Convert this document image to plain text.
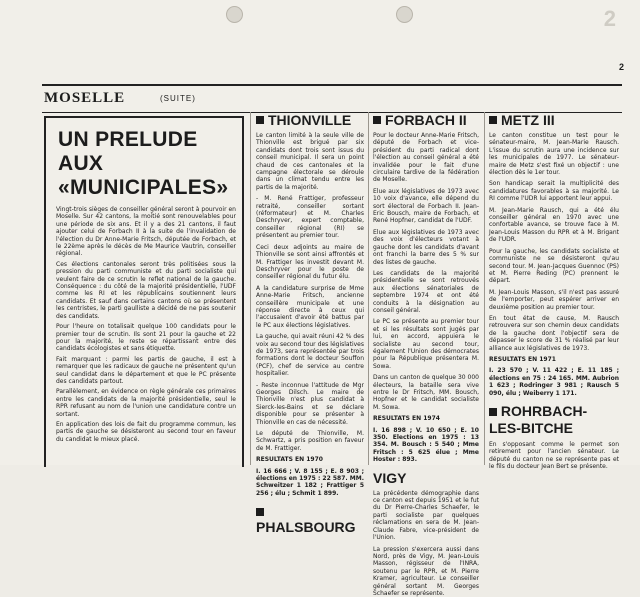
2
2
MOSELLE	(SUITE)
UN PRELUDE
AUX
«MUNICIPALES»

Vingt-trois sièges de conseiller général seront à pourvoir en Moselle. Sur 42 cantons, la moitié sont renouvelables pour une période de six ans. Et il y a des 21 cantons, il faut ajouter celui de Forbach II à la suite de l'invalidation de l'élection du Dr Anne-Marie Fritsch, députée de Forbach, et le 22ème après le décès de Me Maurice Vautrin, conseiller régional.

Ces élections cantonales seront très politisées sous la pression du parti communiste et du parti socialiste qui veulent faire de ce scrutin le reflet national de la gauche. Conséquence : du côté de la majorité présidentielle, l'UDF comme les RI et les républicains soutiennent leurs candidats. Et sauf dans certains cantons où se présentent les centristes, le parti gaulliste a décidé de ne pas soutenir des candidats.

Pour l'heure on totalisait quelque 100 candidats pour le premier tour de scrutin. Ils sont 21 pour la gauche et 22 pour la majorité, le reste se répartissant entre des candidats écologistes et sans étiquette.

Fait marquant : parmi les partis de gauche, il est à remarquer que les radicaux de gauche ne présentent qu'un seul candidat dans le département et que le PC présente des candidats partout.

Parallèlement, en évidence on règle générale ces primaires entre les candidats de la majorité présidentielle, seul le RPR refusant au nom de l'union une candidature contre un sortant.

En application des lois de fait du programme commun, les partis de gauche se désisteront au second tour en faveur du candidat le mieux placé.

THIONVILLE

Le canton limité à la seule ville de Thionville est brigué par six candidats dont trois sont issus du conseil municipal. Il sera un point chaud de ces cantonales et la campagne électorale se déroule dans un climat tendu entre les partis de la majorité.

- M. René Frattiger, professeur retraité, conseiller sortant (réformateur) et M. Charles Deschryver, expert comptable, conseiller régional (RI) se présentent au premier tour.

Ceci deux adjoints au maire de Thionville se sont ainsi affrontés et M. Frattiger les investit devant M. Deschryver pour le poste de conseiller régional du futur élu.

A la candidature surprise de Mme Anne-Marie Fritsch, ancienne conseillère municipale et une réponse directe à ceux qui l'accusaient d'avoir été battus par le PC aux élections législatives.

La gauche, qui avait réuni 42 % des voix au second tour des législatives de 1973, sera représentée par trois formations dont le docteur Souffon (PCF), chef de service au centre hospitalier.

- Reste inconnue l'attitude de Mgr Georges Dilsch. Le maire de Thionville n'est plus candidat à Sierck-les-Bains et se déclare disponible pour se présenter à Thionville en cas de nécessité.

Le député de Thionville, M. Schwartz, a pris position en faveur de M. Frattiger.

RESULTATS EN 1970

I. 16 666 ; V. 8 155 ; E. 8 903 ; élections en 1975 : 22 587. MM. Schweitzer 1 182 ; Frattiger 5 256 ; élu ; Schmit 1 899.

PHALSBOURG
FORBACH II

Pour le docteur Anne-Marie Fritsch, député de Forbach et vice-président du parti radical dont l'élection au conseil général a été invalidée pour le fait d'une circulaire tardive de la fédération de Moselle.

Elue aux législatives de 1973 avec 10 voix d'avance, elle dépend du sort électoral de Forbach II. Jean-Eric Bousch, maire de Forbach, et René Hopfner, candidat de l'UDF.

Elue aux législatives de 1973 avec des voix d'électeurs votant à gauche dont les candidats d'avant ont franchi la barre des 5 % sur des listes de gauche.

Les candidats de la majorité présidentielle se sont retrouvés aux élections sénatoriales de septembre 1974 et ont été conduits à la désignation au conseil général.

Le PC se présente au premier tour et si les résultats sont jugés par lui, en accord, appuiera le socialiste au second tour, également l'Union des démocrates pour la République présentera M. Sowa.

Dans un canton de quelque 30 000 électeurs, la bataille sera vive entre le Dr Fritsch, MM. Bousch, Hopfner et le candidat socialiste M. Sowa.

RESULTATS EN 1974

I. 16 898 ; V. 10 650 ; E. 10 350. Elections en 1975 : 13 354. M. Bousch : 5 540 ; Mme Fritsch : 5 625 élue ; Mme Hoster : 893.

VIGY

La précédente démographie dans ce canton est depuis 1951 et le fut du Dr Pierre-Charles Schaefer, le parti socialiste par quelques réclamations en sera de M. Jean-Claude Fabre, vice-président de l'Union.

La pression s'exercera aussi dans Nord, près de Vigy, M. Jean-Louis Masson, régisseur de l'INRA, soutenu par le RPR, et M. Pierre Kramer, agriculteur. Le conseiller général sortant M. Georges Schaefer se représente.

METZ III

Le canton constitue un test pour le sénateur-maire, M. Jean-Marie Rausch. L'issue du scrutin aura une incidence sur les municipales de 1977. Le sénateur-maire de Metz s'est fixé un objectif : une élection dès le 1er tour.

Son handicap serait la multiplicité des candidatures favorables à sa majorité. Le RI comme l'UDR lui apportent leur appui.

M. Jean-Marie Rausch, qui a été élu conseiller général en 1970 avec une confortable avance, se trouve face à M. Jean-Louis Masson du RPR et à M. Brigant de l'UDR.

Pour la gauche, les candidats socialiste et communiste ne se désisteront qu'au second tour. M. Jean-Jacques Guennoc (PS) et M. Pierre Reding (PC) prennent le départ.

M. Jean-Louis Masson, s'il n'est pas assuré de l'emporter, peut espérer arriver en deuxième position au premier tour.

En tout état de cause, M. Rausch retrouvera sur son chemin deux candidats de la gauche dont l'objectif sera de dépasser le score de 31 % réalisé par leur alliance aux législatives de 1973.

RESULTATS EN 1971

I. 23 570 ; V. 11 422 ; E. 11 185 ; élections en 75 : 24 165. MM. Aubrion 1 623 ; Rodringer 3 981 ; Rausch 5 090, élu ; Weiberry 1 171.

ROHRBACH-
LES-BITCHE

En s'opposant comme le permet son retirement pour l'ancien sénateur. Le député du canton ne se représente pas et le fils du docteur Jean Bert se présente.
